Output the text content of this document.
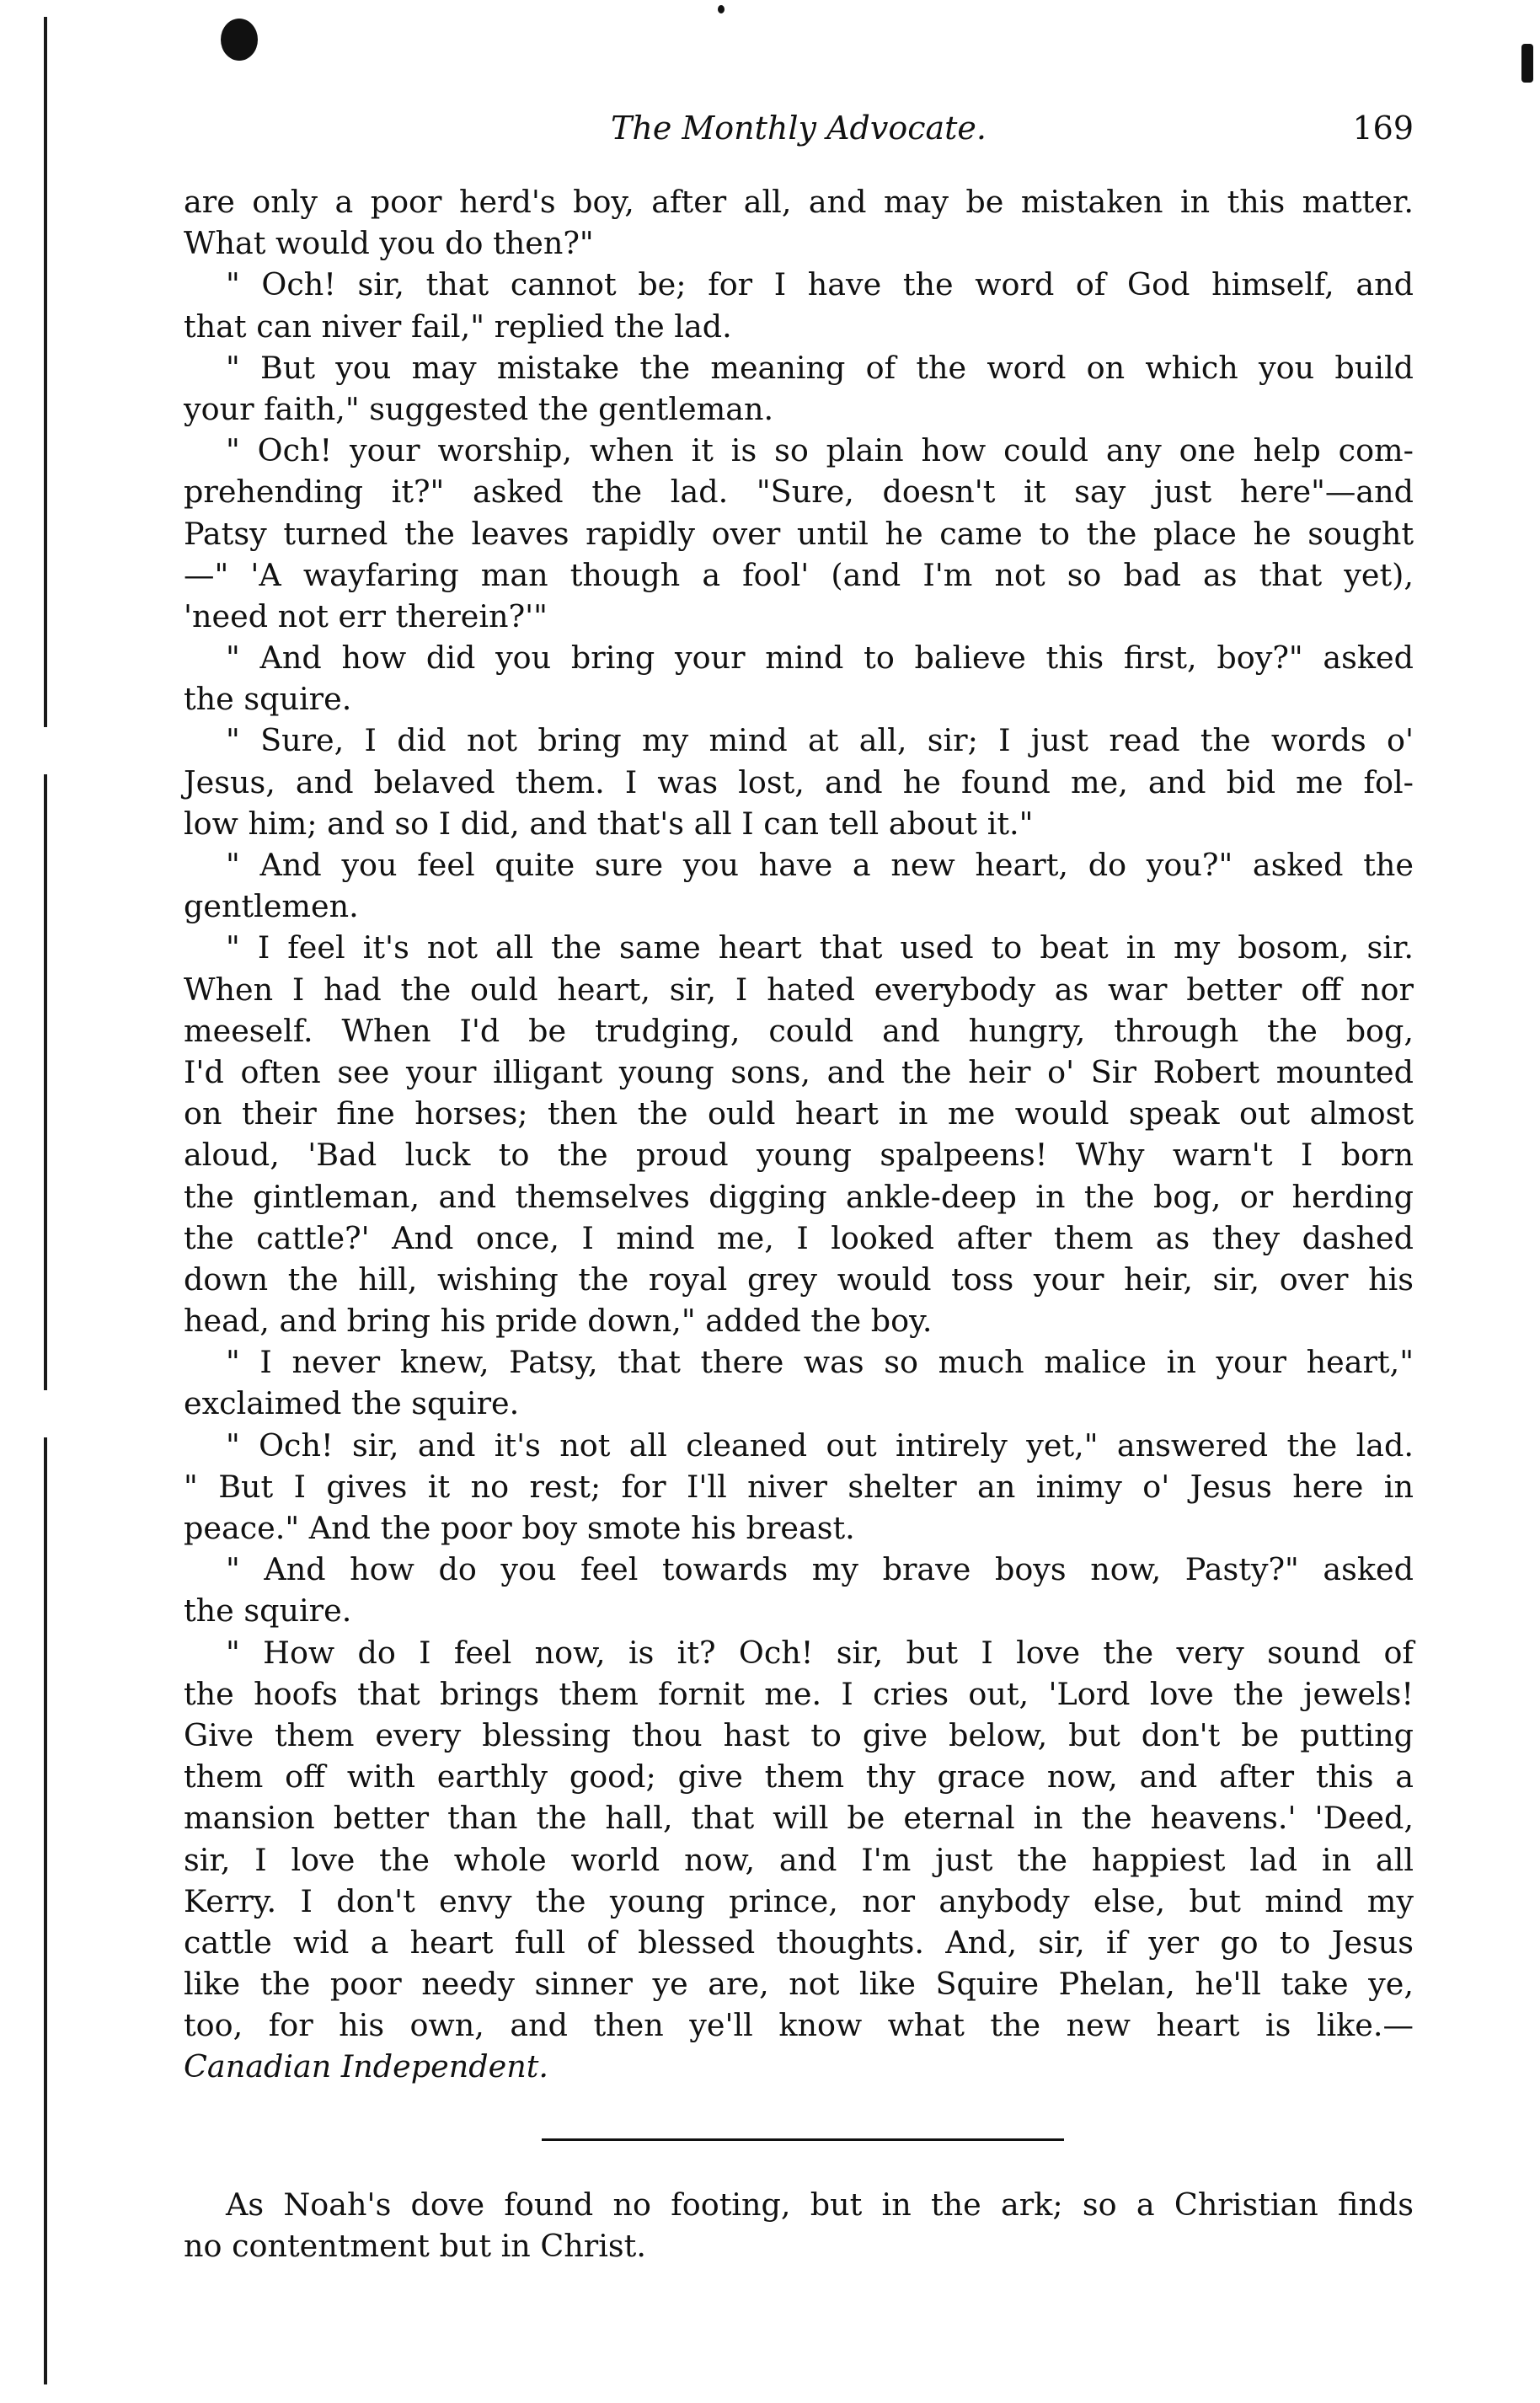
The Monthly Advocate.	169
are only a poor herd's boy, after all, and may be mistaken in this matter.
What would you do then?"
" Och! sir, that cannot be; for I have the word of God himself, and
that can niver fail," replied the lad.
" But you may mistake the meaning of the word on which you build
your faith," suggested the gentleman.
" Och! your worship, when it is so plain how could any one help com-
prehending it?" asked the lad. "Sure, doesn't it say just here"—and
Patsy turned the leaves rapidly over until he came to the place he sought
—" 'A wayfaring man though a fool' (and I'm not so bad as that yet),
'need not err therein?'"
" And how did you bring your mind to balieve this first, boy?" asked
the squire.
" Sure, I did not bring my mind at all, sir; I just read the words o'
Jesus, and belaved them. I was lost, and he found me, and bid me fol-
low him; and so I did, and that's all I can tell about it."
" And you feel quite sure you have a new heart, do you?" asked the
gentlemen.
" I feel it's not all the same heart that used to beat in my bosom, sir.
When I had the ould heart, sir, I hated everybody as war better off nor
meeself. When I'd be trudging, could and hungry, through the bog,
I'd often see your illigant young sons, and the heir o' Sir Robert mounted
on their fine horses; then the ould heart in me would speak out almost
aloud, 'Bad luck to the proud young spalpeens! Why warn't I born
the gintleman, and themselves digging ankle-deep in the bog, or herding
the cattle?' And once, I mind me, I looked after them as they dashed
down the hill, wishing the royal grey would toss your heir, sir, over his
head, and bring his pride down," added the boy.
" I never knew, Patsy, that there was so much malice in your heart,"
exclaimed the squire.
" Och! sir, and it's not all cleaned out intirely yet," answered the lad.
" But I gives it no rest; for I'll niver shelter an inimy o' Jesus here in
peace." And the poor boy smote his breast.
" And how do you feel towards my brave boys now, Pasty?" asked
the squire.
" How do I feel now, is it? Och! sir, but I love the very sound of
the hoofs that brings them fornit me. I cries out, 'Lord love the jewels!
Give them every blessing thou hast to give below, but don't be putting
them off with earthly good; give them thy grace now, and after this a
mansion better than the hall, that will be eternal in the heavens.' 'Deed,
sir, I love the whole world now, and I'm just the happiest lad in all
Kerry. I don't envy the young prince, nor anybody else, but mind my
cattle wid a heart full of blessed thoughts. And, sir, if yer go to Jesus
like the poor needy sinner ye are, not like Squire Phelan, he'll take ye,
too, for his own, and then ye'll know what the new heart is like.—
Canadian Independent.
As Noah's dove found no footing, but in the ark; so a Christian finds
no contentment but in Christ.
